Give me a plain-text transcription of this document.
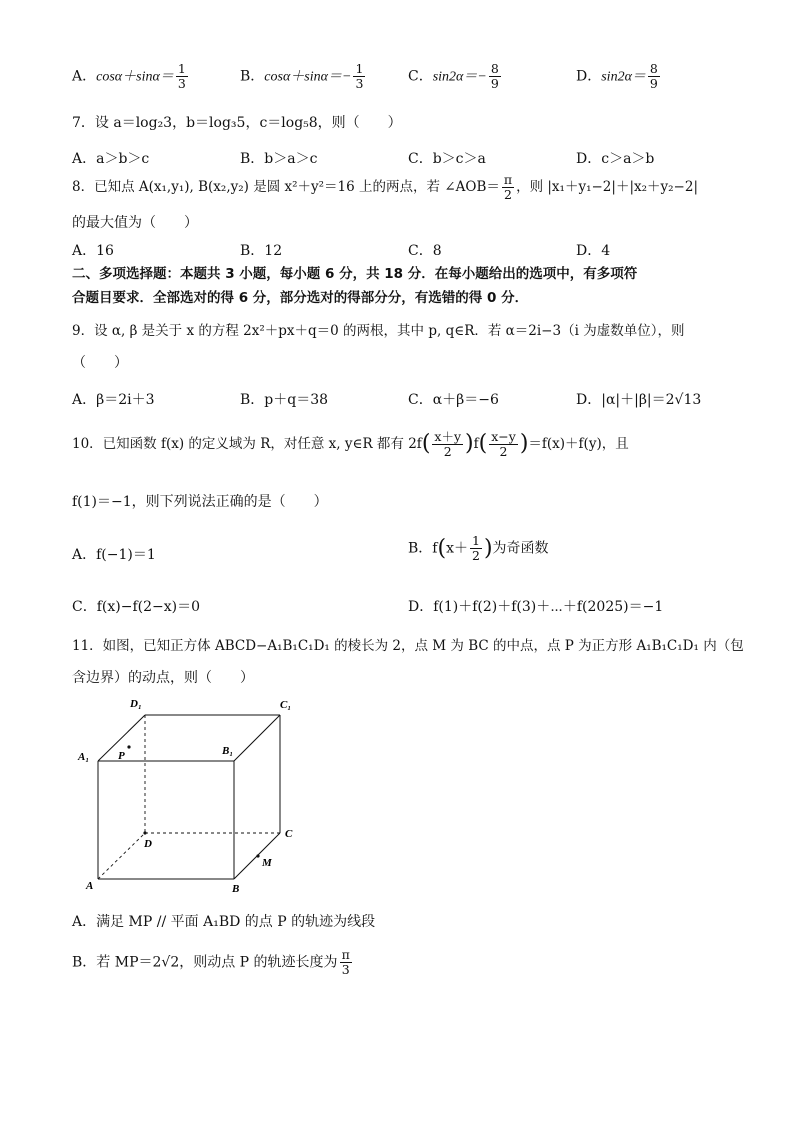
A．$\cos\alpha+\sin\alpha= \frac{1}{3}$	B．$\cos\alpha+\sin\alpha=- \frac{1}{3}$	C．$\sin 2\alpha=- \frac{8}{9}$	D．$\sin 2\alpha= \frac{8}{9}$
7．设 a＝log₂3，b＝log₃5，c＝log₅8，则（　　）
A．a＞b＞c	B．b＞a＞c	C．b＞c＞a	D．c＞a＞b
8．已知点 A(x₁,y₁), B(x₂,y₂) 是圆 x²＋y²＝16 上的两点，若 ∠AOB＝ $\frac{\pi}{2}$ ，则 |x₁＋y₁−2|＋|x₂＋y₂−2|
的最大值为（　　）
A．16	B．12	C．8	D．4
二、多项选择题：本题共 3 小题，每小题 6 分，共 18 分．在每小题给出的选项中，有多项符
合题目要求．全部选对的得 6 分，部分选对的得部分分，有选错的得 0 分．
9．设 α, β 是关于 x 的方程 2x²＋px＋q＝0 的两根，其中 p, q∈R．若 α＝2i−3（i 为虚数单位），则
（　　）
A．β＝2i＋3	B．p＋q＝38	C．α＋β＝−6	D．|α|＋|β|＝2√13
10．已知函数 f(x) 的定义域为 R，对任意 x, y∈R 都有 $2f( \frac{x+y}{2} )f( \frac{x-y}{2} )=f(x)+f(y)$，且
f(1)＝−1，则下列说法正确的是（　　）
A．f(−1)＝1	B．$f(x+ \frac{1}{2}$ )为奇函数
C．f(x)−f(2−x)＝0	D．f(1)＋f(2)＋f(3)＋⋯＋f(2025)＝−1
11．如图，已知正方体 ABCD−A₁B₁C₁D₁ 的棱长为 2，点 M 为 BC 的中点，点 P 为正方形 A₁B₁C₁D₁ 内（包
含边界）的动点，则（　　）
D₁	C₁
A₁	B₁
P
C
D
M
A	B
A．满足 MP // 平面 A₁BD 的点 P 的轨迹为线段
B．若 MP＝2√2，则动点 P 的轨迹长度为 $\frac{\pi}{3}$
